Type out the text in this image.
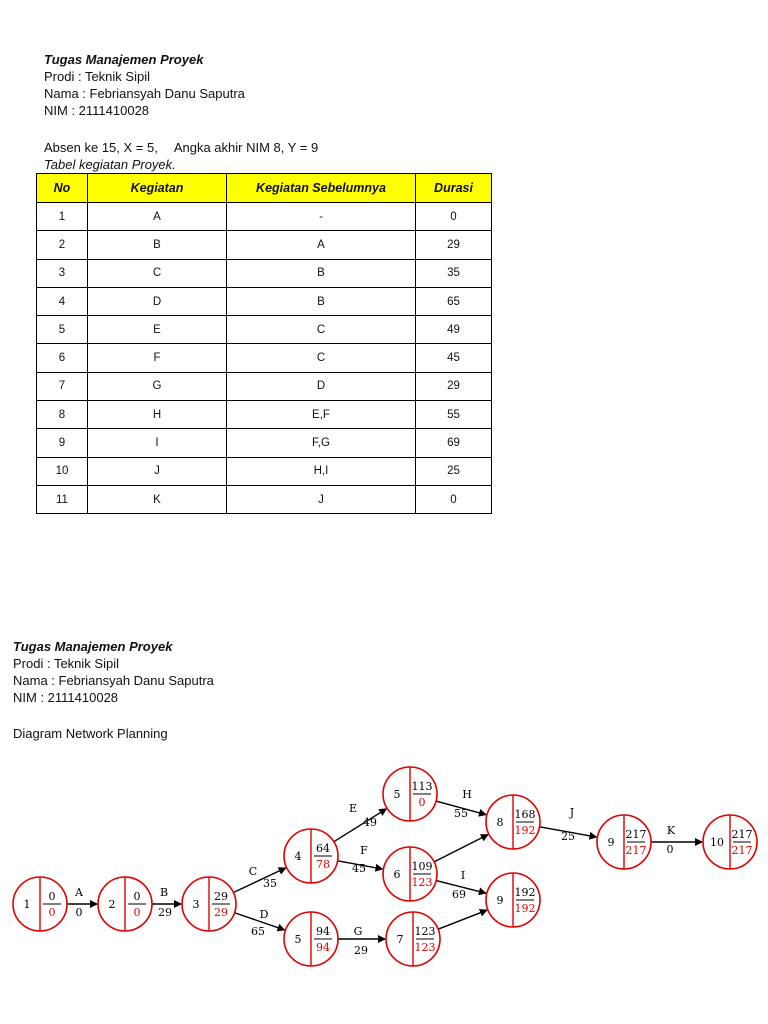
Tugas Manajemen Proyek
Prodi : Teknik Sipil
Nama : Febriansyah Danu Saputra
NIM : 2111410028
Absen ke 15, X = 5, Angka akhir NIM 8, Y = 9
Tabel kegiatan Proyek.
No	Kegiatan	Kegiatan Sebelumnya	Durasi
1	A	-	0
2	B	A	29
3	C	B	35
4	D	B	65
5	E	C	49
6	F	C	45
7	G	D	29
8	H	E,F	55
9	I	F,G	69
10	J	H,I	25
11	K	J	0
Tugas Manajemen Proyek
Prodi : Teknik Sipil
Nama : Febriansyah Danu Saputra
NIM : 2111410028
Diagram Network Planning
A
0
B
29
C
35
D
65
E
49
F
45
G
29
H
55
I
69
J
25	K
0
1
0
0
2
0
0
3
29
29
4
64
78
5
113
0
5
94
94
6
109
123
7
123
123
8
168
192
9
192
192
9
217
217
10
217
217
